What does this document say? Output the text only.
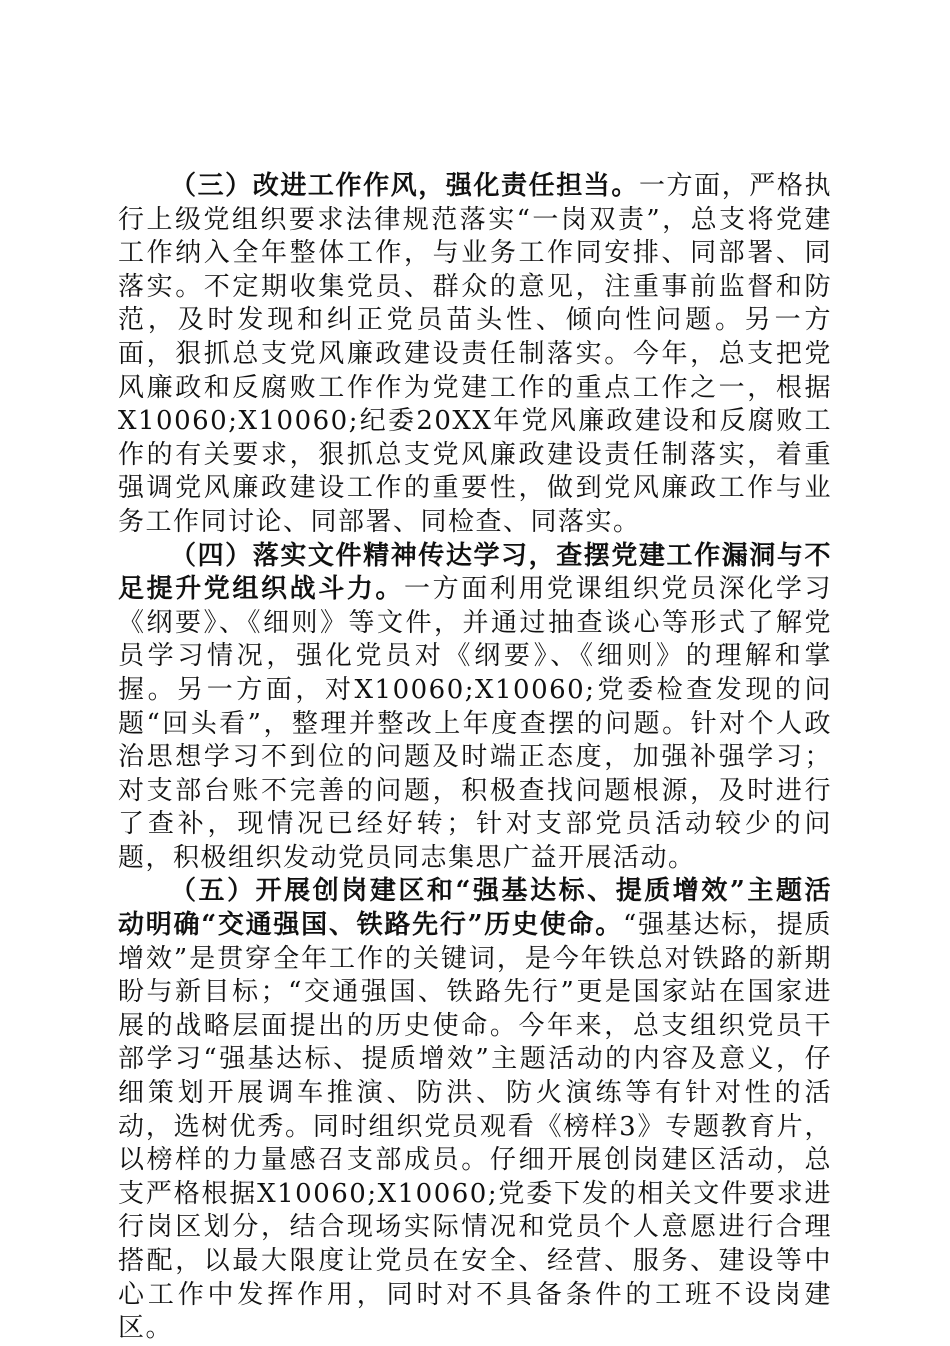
（三）改进工作作风，强化责任担当。一方面，严格执行上级党组织要求法律规范落实“一岗双责”，总支将党建工作纳入全年整体工作，与业务工作同安排、同部署、同落实。不定期收集党员、群众的意见，注重事前监督和防范，及时发现和纠正党员苗头性、倾向性问题。另一方面，狠抓总支党风廉政建设责任制落实。今年，总支把党风廉政和反腐败工作作为党建工作的重点工作之一，根据X10060;X10060;纪委20XX年党风廉政建设和反腐败工作的有关要求，狠抓总支党风廉政建设责任制落实，着重强调党风廉政建设工作的重要性，做到党风廉政工作与业务工作同讨论、同部署、同检查、同落实。

（四）落实文件精神传达学习，查摆党建工作漏洞与不足提升党组织战斗力。一方面利用党课组织党员深化学习《纲要》、《细则》等文件，并通过抽查谈心等形式了解党员学习情况，强化党员对《纲要》、《细则》的理解和掌握。另一方面，对X10060;X10060;党委检查发现的问题“回头看”，整理并整改上年度查摆的问题。针对个人政治思想学习不到位的问题及时端正态度，加强补强学习；对支部台账不完善的问题，积极查找问题根源，及时进行了查补，现情况已经好转；针对支部党员活动较少的问题，积极组织发动党员同志集思广益开展活动。

（五）开展创岗建区和“强基达标、提质增效”主题活动明确“交通强国、铁路先行”历史使命。“强基达标，提质增效”是贯穿全年工作的关键词，是今年铁总对铁路的新期盼与新目标；“交通强国、铁路先行”更是国家站在国家进展的战略层面提出的历史使命。今年来，总支组织党员干部学习“强基达标、提质增效”主题活动的内容及意义，仔细策划开展调车推演、防洪、防火演练等有针对性的活动，选树优秀。同时组织党员观看《榜样3》专题教育片，以榜样的力量感召支部成员。仔细开展创岗建区活动，总支严格根据X10060;X10060;党委下发的相关文件要求进行岗区划分，结合现场实际情况和党员个人意愿进行合理搭配，以最大限度让党员在安全、经营、服务、建设等中心工作中发挥作用，同时对不具备条件的工班不设岗建区。
